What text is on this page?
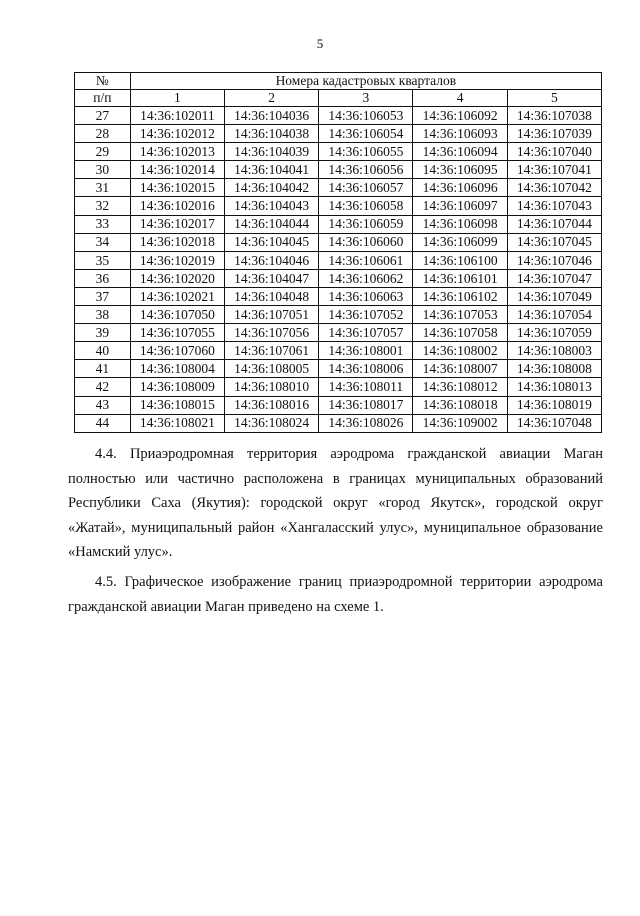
5
№	Номера кадастровых кварталов				
п/п	1	2	3	4	5
27	14:36:102011	14:36:104036	14:36:106053	14:36:106092	14:36:107038
28	14:36:102012	14:36:104038	14:36:106054	14:36:106093	14:36:107039
29	14:36:102013	14:36:104039	14:36:106055	14:36:106094	14:36:107040
30	14:36:102014	14:36:104041	14:36:106056	14:36:106095	14:36:107041
31	14:36:102015	14:36:104042	14:36:106057	14:36:106096	14:36:107042
32	14:36:102016	14:36:104043	14:36:106058	14:36:106097	14:36:107043
33	14:36:102017	14:36:104044	14:36:106059	14:36:106098	14:36:107044
34	14:36:102018	14:36:104045	14:36:106060	14:36:106099	14:36:107045
35	14:36:102019	14:36:104046	14:36:106061	14:36:106100	14:36:107046
36	14:36:102020	14:36:104047	14:36:106062	14:36:106101	14:36:107047
37	14:36:102021	14:36:104048	14:36:106063	14:36:106102	14:36:107049
38	14:36:107050	14:36:107051	14:36:107052	14:36:107053	14:36:107054
39	14:36:107055	14:36:107056	14:36:107057	14:36:107058	14:36:107059
40	14:36:107060	14:36:107061	14:36:108001	14:36:108002	14:36:108003
41	14:36:108004	14:36:108005	14:36:108006	14:36:108007	14:36:108008
42	14:36:108009	14:36:108010	14:36:108011	14:36:108012	14:36:108013
43	14:36:108015	14:36:108016	14:36:108017	14:36:108018	14:36:108019
44	14:36:108021	14:36:108024	14:36:108026	14:36:109002	14:36:107048
4.4. Приаэродромная территория аэродрома гражданской авиации Маган полностью или частично расположена в границах муниципальных образований Республики Саха (Якутия): городской округ «город Якутск», городской округ «Жатай», муниципальный район «Хангаласский улус», муниципальное образование «Намский улус».
4.5. Графическое изображение границ приаэродромной территории аэродрома гражданской авиации Маган приведено на схеме 1.
